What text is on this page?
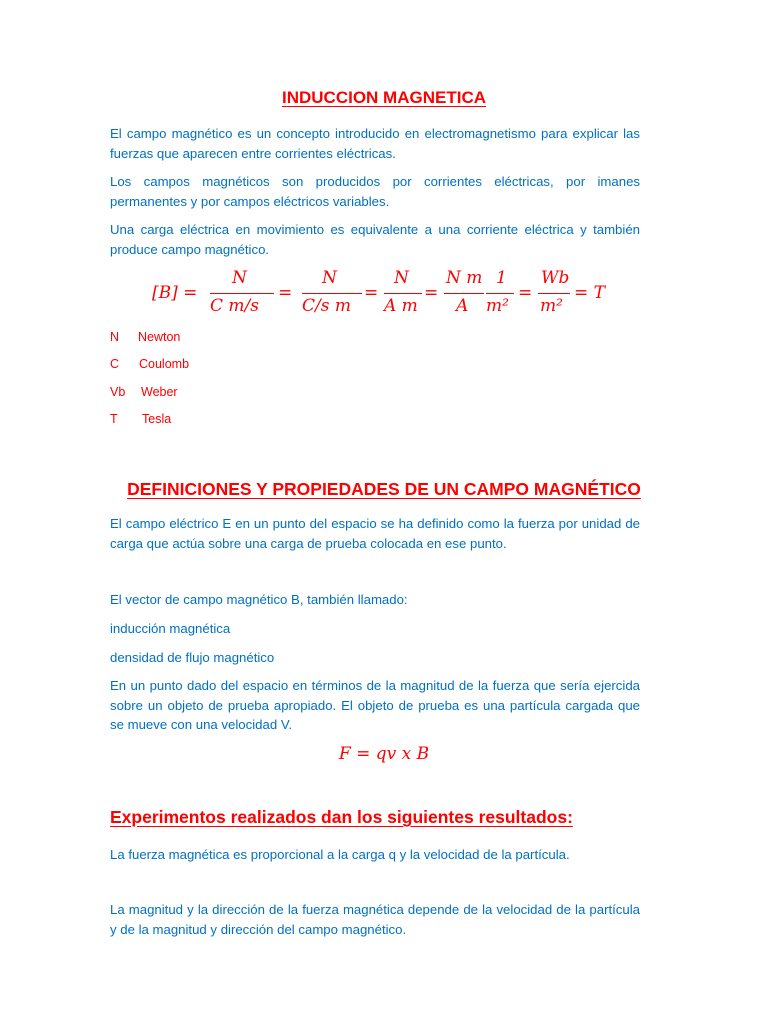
INDUCCION MAGNETICA

El campo magnético es un concepto introducido en electromagnetismo para explicar las fuerzas que aparecen entre corrientes eléctricas.

Los campos magnéticos son producidos por corrientes eléctricas, por imanes permanentes y por campos eléctricos variables.

Una carga eléctrica en movimiento es equivalente a una corriente eléctrica y también produce campo magnético.

[B] =
N
C m/s
=
N
C/s m
=
N
A m
=
N m
A
1
m²
=
Wb
m²
= T
N Newton
C Coulomb
Vb Weber
T Tesla
DEFINICIONES Y PROPIEDADES DE UN CAMPO MAGNÉTICO

El campo eléctrico E en un punto del espacio se ha definido como la fuerza por unidad de carga que actúa sobre una carga de prueba colocada en ese punto.

El vector de campo magnético B, también llamado:

inducción magnética

densidad de flujo magnético

En un punto dado del espacio en términos de la magnitud de la fuerza que sería ejercida sobre un objeto de prueba apropiado. El objeto de prueba es una partícula cargada que se mueve con una velocidad V.

F = qv x B
Experimentos realizados dan los siguientes resultados:

La fuerza magnética es proporcional a la carga q y la velocidad de la partícula.

La magnitud y la dirección de la fuerza magnética depende de la velocidad de la partícula y de la magnitud y dirección del campo magnético.
